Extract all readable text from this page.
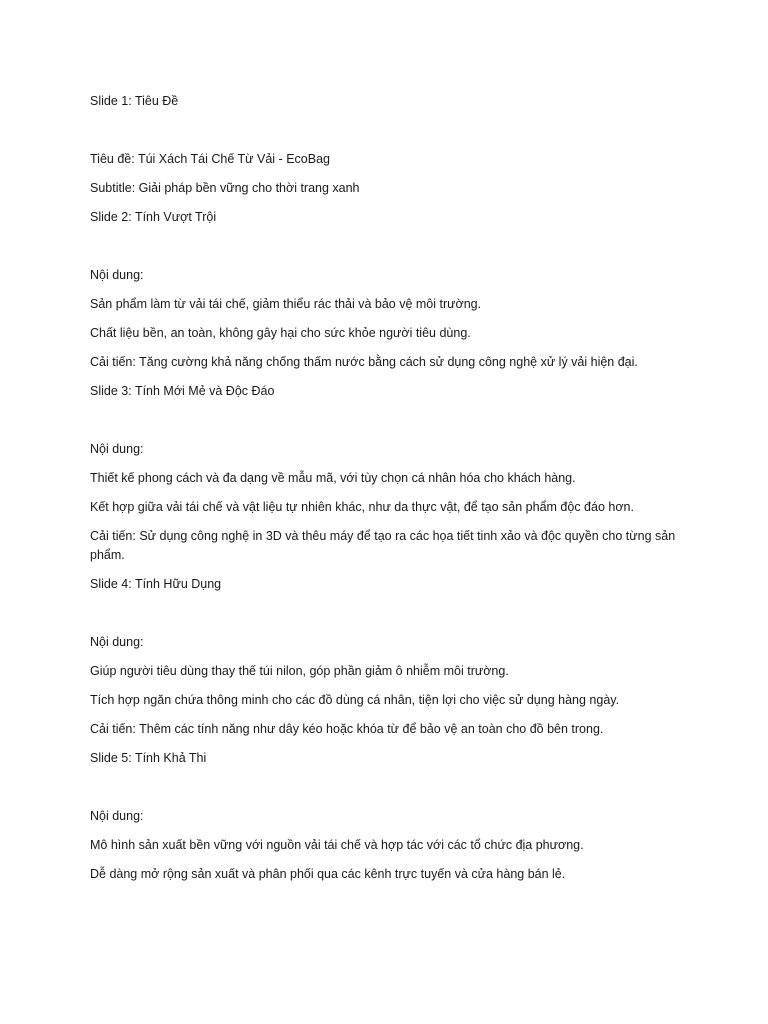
Slide 1: Tiêu Đề

Tiêu đề: Túi Xách Tái Chế Từ Vải - EcoBag

Subtitle: Giải pháp bền vững cho thời trang xanh

Slide 2: Tính Vượt Trội

Nội dung:

Sản phẩm làm từ vải tái chế, giảm thiểu rác thải và bảo vệ môi trường.

Chất liệu bền, an toàn, không gây hại cho sức khỏe người tiêu dùng.

Cải tiến: Tăng cường khả năng chống thấm nước bằng cách sử dụng công nghệ xử lý vải hiện đại.

Slide 3: Tính Mới Mẻ và Độc Đáo

Nội dung:

Thiết kế phong cách và đa dạng về mẫu mã, với tùy chọn cá nhân hóa cho khách hàng.

Kết hợp giữa vải tái chế và vật liệu tự nhiên khác, như da thực vật, để tạo sản phẩm độc đáo hơn.

Cải tiến: Sử dụng công nghệ in 3D và thêu máy để tạo ra các họa tiết tinh xảo và độc quyền cho từng sản phẩm.

Slide 4: Tính Hữu Dụng

Nội dung:

Giúp người tiêu dùng thay thế túi nilon, góp phần giảm ô nhiễm môi trường.

Tích hợp ngăn chứa thông minh cho các đồ dùng cá nhân, tiện lợi cho việc sử dụng hàng ngày.

Cải tiến: Thêm các tính năng như dây kéo hoặc khóa từ để bảo vệ an toàn cho đồ bên trong.

Slide 5: Tính Khả Thi

Nội dung:

Mô hình sản xuất bền vững với nguồn vải tái chế và hợp tác với các tổ chức địa phương.

Dễ dàng mở rộng sản xuất và phân phối qua các kênh trực tuyến và cửa hàng bán lẻ.
